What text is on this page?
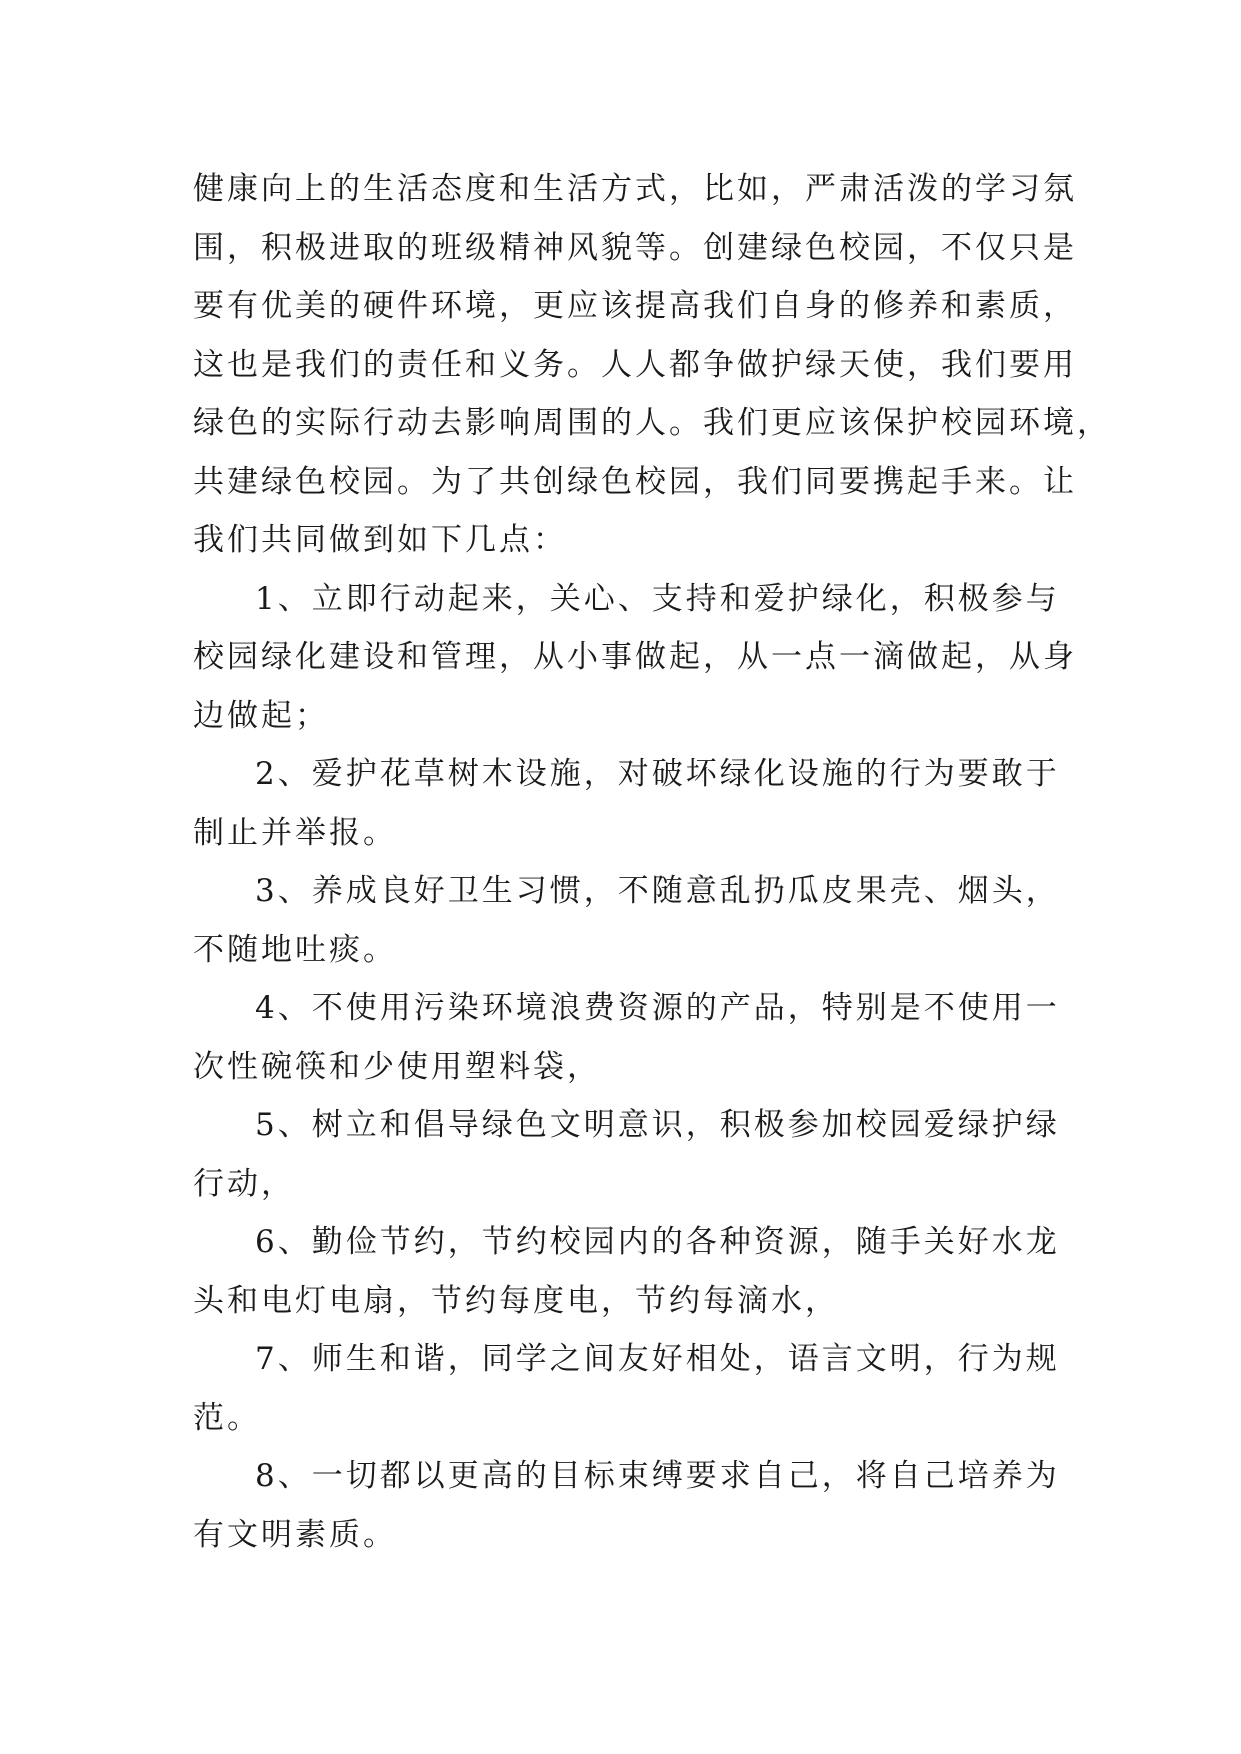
健康向上的生活态度和生活方式，比如，严肃活泼的学习氛
围，积极进取的班级精神风貌等。创建绿色校园，不仅只是
要有优美的硬件环境，更应该提高我们自身的修养和素质，
这也是我们的责任和义务。人人都争做护绿天使，我们要用
绿色的实际行动去影响周围的人。我们更应该保护校园环境，
共建绿色校园。为了共创绿色校园，我们同要携起手来。让
我们共同做到如下几点：
1、立即行动起来，关心、支持和爱护绿化，积极参与
校园绿化建设和管理，从小事做起，从一点一滴做起，从身
边做起；
2、爱护花草树木设施，对破坏绿化设施的行为要敢于
制止并举报。
3、养成良好卫生习惯，不随意乱扔瓜皮果壳、烟头，
不随地吐痰。
4、不使用污染环境浪费资源的产品，特别是不使用一
次性碗筷和少使用塑料袋，
5、树立和倡导绿色文明意识，积极参加校园爱绿护绿
行动，
6、勤俭节约，节约校园内的各种资源，随手关好水龙
头和电灯电扇，节约每度电，节约每滴水，
7、师生和谐，同学之间友好相处，语言文明，行为规
范。
8、一切都以更高的目标束缚要求自己，将自己培养为
有文明素质。
